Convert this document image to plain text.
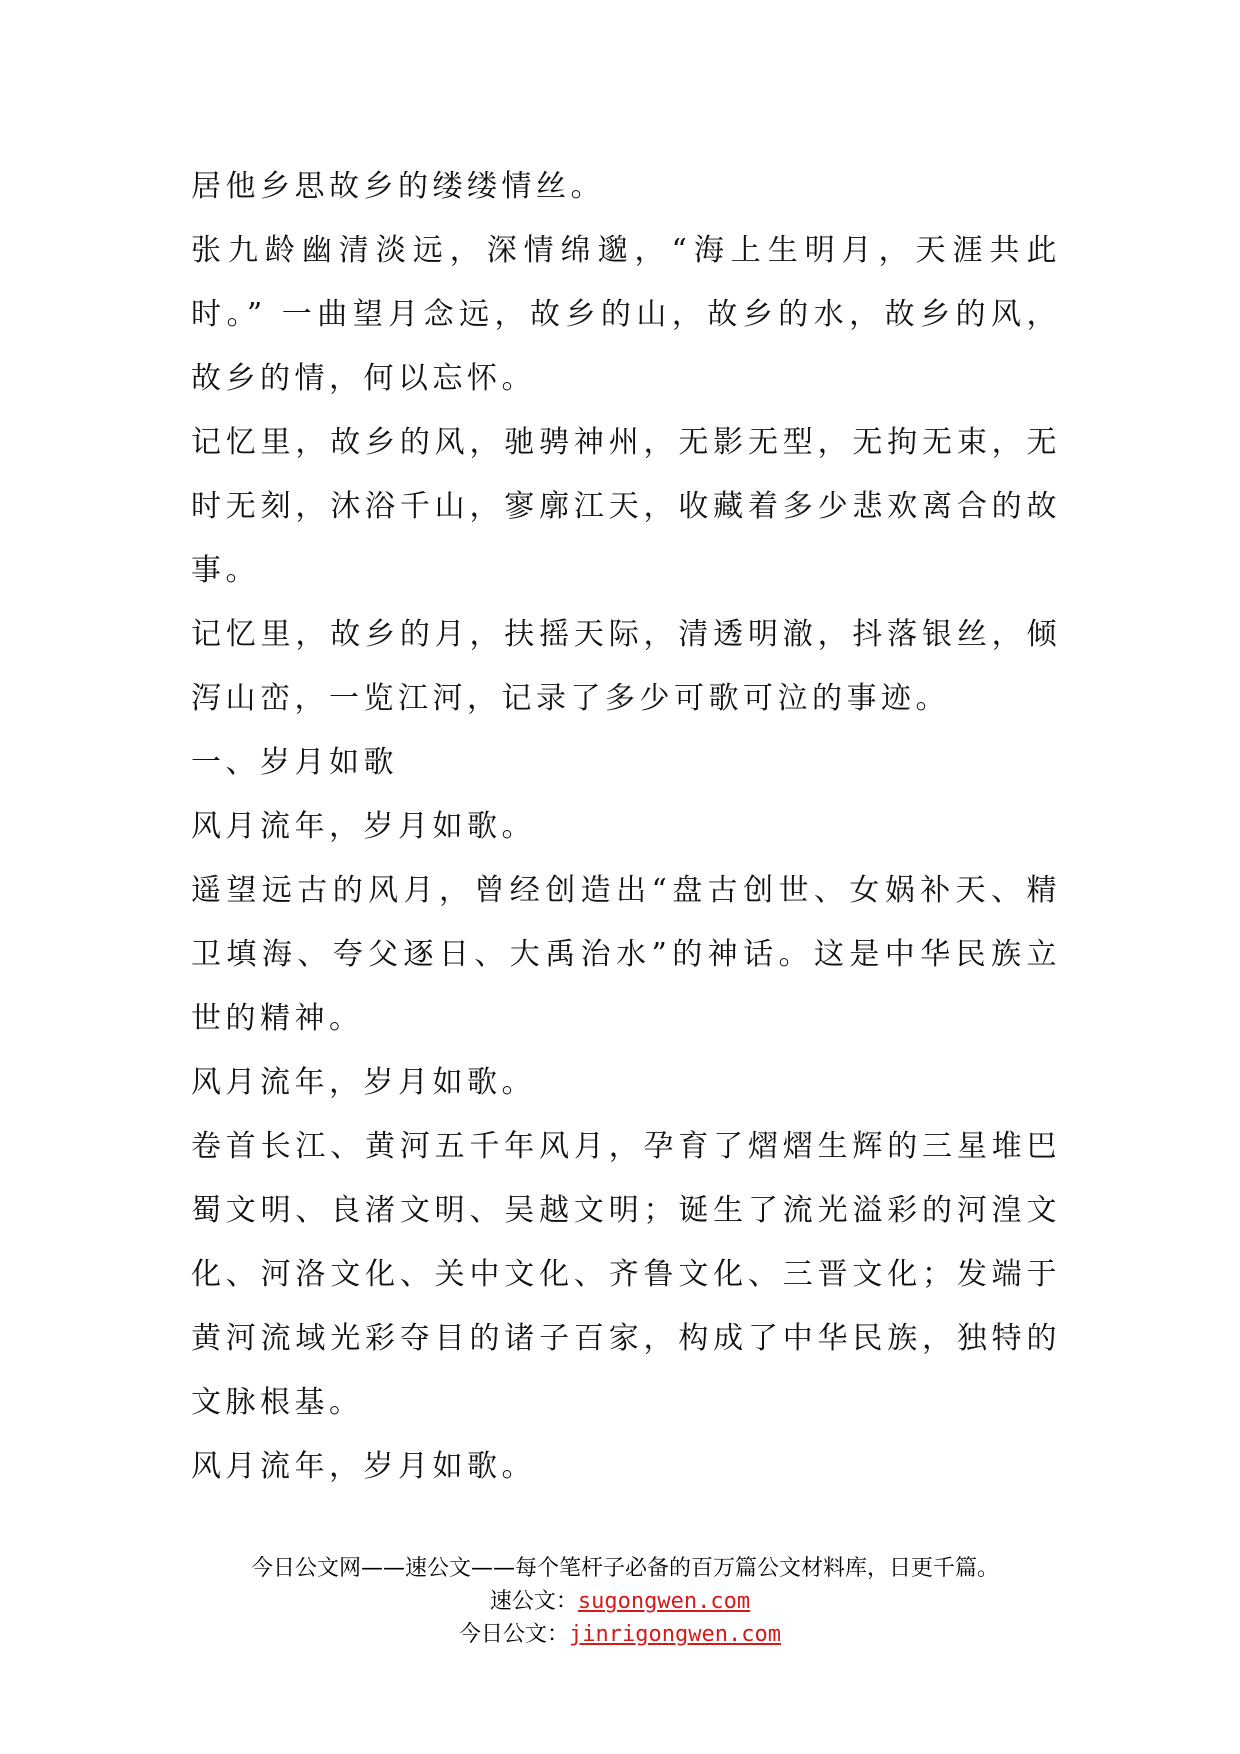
居他乡思故乡的缕缕情丝。

张九龄幽清淡远，深情绵邈，“海上生明月，天涯共此时。” 一曲望月念远，故乡的山，故乡的水，故乡的风，故乡的情，何以忘怀。

记忆里，故乡的风，驰骋神州，无影无型，无拘无束，无时无刻，沐浴千山，寥廓江天，收藏着多少悲欢离合的故事。

记忆里，故乡的月，扶摇天际，清透明澈，抖落银丝，倾泻山峦，一览江河，记录了多少可歌可泣的事迹。

一、岁月如歌

风月流年，岁月如歌。

遥望远古的风月，曾经创造出“盘古创世、女娲补天、精卫填海、夸父逐日、大禹治水”的神话。这是中华民族立世的精神。

风月流年，岁月如歌。

卷首长江、黄河五千年风月，孕育了熠熠生辉的三星堆巴蜀文明、良渚文明、吴越文明；诞生了流光溢彩的河湟文化、河洛文化、关中文化、齐鲁文化、三晋文化；发端于黄河流域光彩夺目的诸子百家，构成了中华民族，独特的文脉根基。

风月流年，岁月如歌。

今日公文网——速公文——每个笔杆子必备的百万篇公文材料库，日更千篇。

速公文：sugongwen.com

今日公文：jinrigongwen.com
